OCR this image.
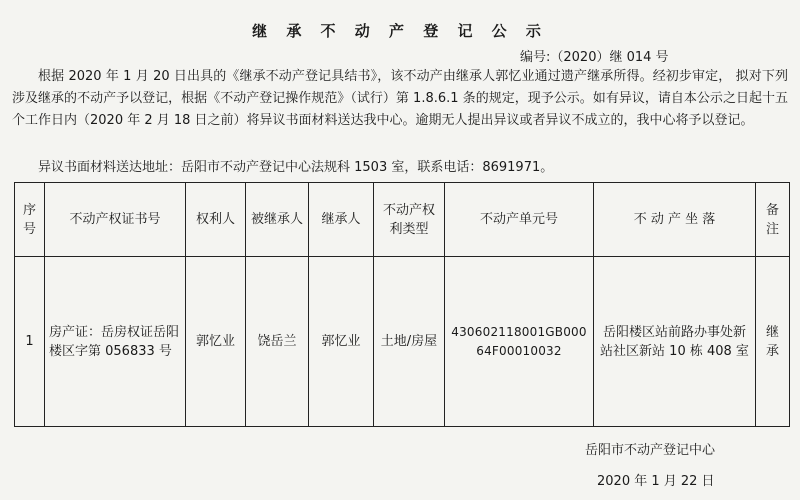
继 承 不 动 产 登 记 公 示
编号:（2020）继 014 号

根据 2020 年 1 月 20 日出具的《继承不动产登记具结书》，该不动产由继承人郭忆业通过遗产继承所得。经初步审定， 拟对下列涉及继承的不动产予以登记，根据《不动产登记操作规范》（试行）第 1.8.6.1 条的规定，现予公示。如有异议，请自本公示之日起十五个工作日内（2020 年 2 月 18 日之前）将异议书面材料送达我中心。逾期无人提出异议或者异议不成立的，我中心将予以登记。

异议书面材料送达地址：岳阳市不动产登记中心法规科 1503 室，联系电话：8691971。
序号	不动产权证书号	权利人	被继承人	继承人	不动产权利类型	不动产单元号	不 动 产 坐 落	备注
1	房产证：岳房权证岳阳楼区字第 056833 号	郭忆业	饶岳兰	郭忆业	土地/房屋	430602118001GB00064F00010032	岳阳楼区站前路办事处新站社区新站 10 栋 408 室	继承
岳阳市不动产登记中心
2020 年 1 月 22 日
